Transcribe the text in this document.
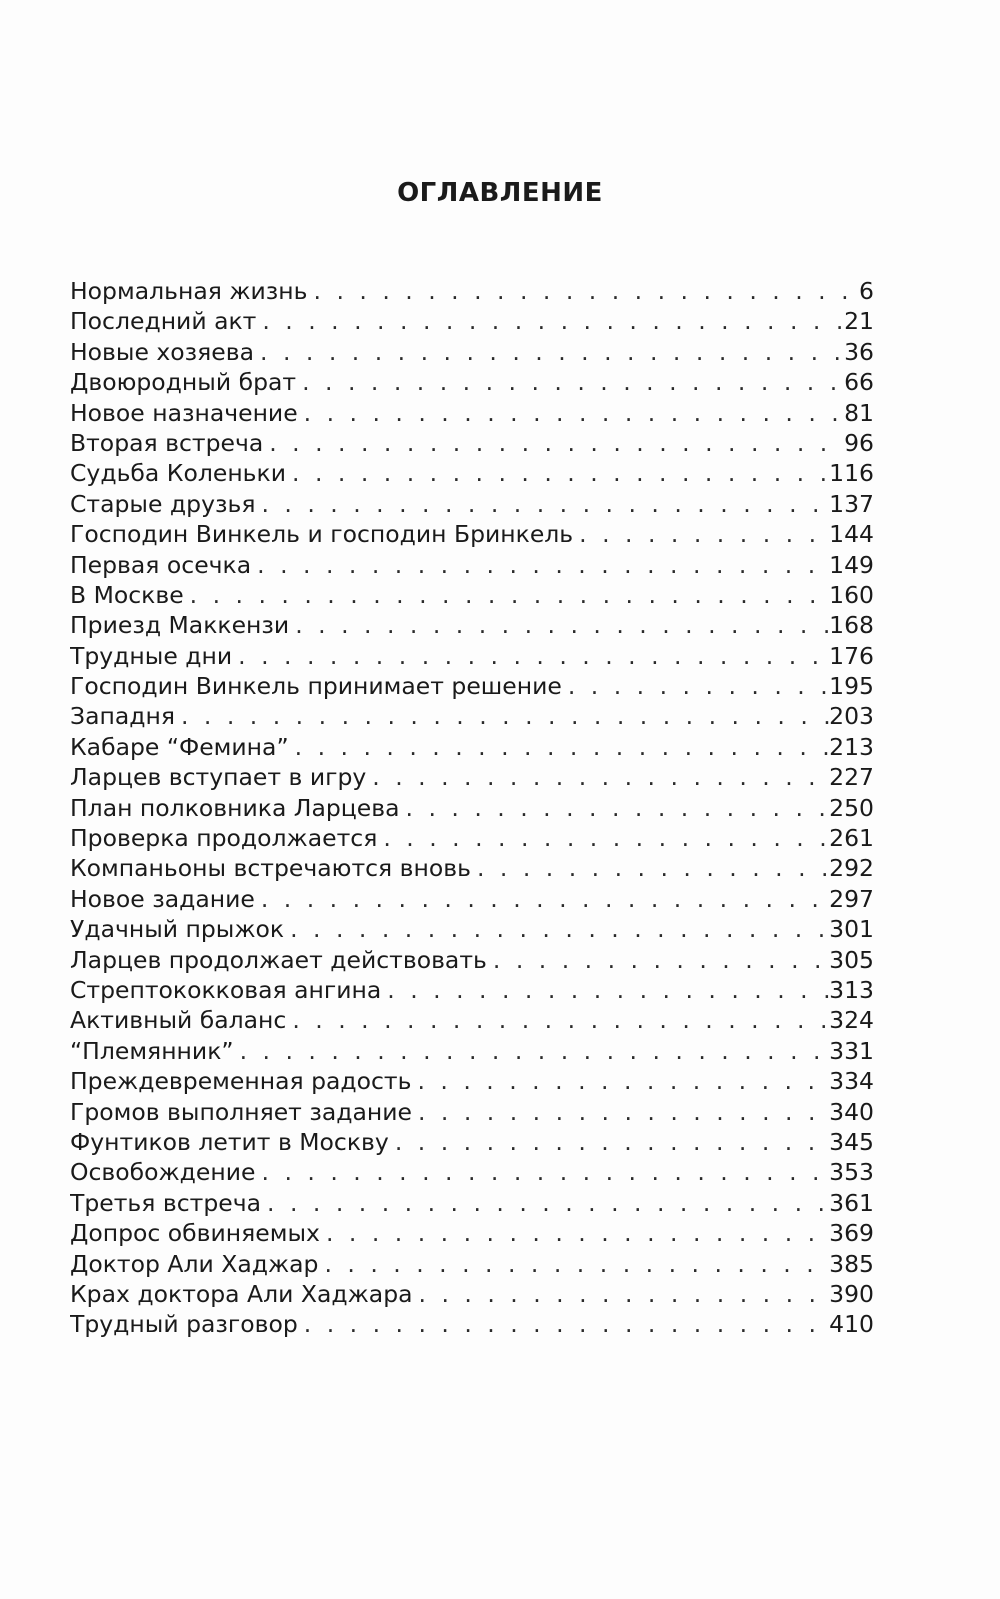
ОГЛАВЛЕНИЕ
Нормальная жизнь . . .	6
Последний акт . . .	21
Новые хозяева . . .	36
Двоюродный брат . . .	66
Новое назначение . . .	81
Вторая встреча . . .	96
Судьба Коленьки . . .	116
Старые друзья . . .	137
Господин Винкель и господин Бринкель . . .	144
Первая осечка . . .	149
В Москве . . .	160
Приезд Маккензи . . .	168
Трудные дни . . .	176
Господин Винкель принимает решение . . .	195
Западня . . .	203
Кабаре “Фемина” . . .	213
Ларцев вступает в игру . . .	227
План полковника Ларцева . . .	250
Проверка продолжается . . .	261
Компаньоны встречаются вновь . . .	292
Новое задание . . .	297
Удачный прыжок . . .	301
Ларцев продолжает действовать . . .	305
Стрептококковая ангина . . .	313
Активный баланс . . .	324
“Племянник” . . .	331
Преждевременная радость . . .	334
Громов выполняет задание . . .	340
Фунтиков летит в Москву . . .	345
Освобождение . . .	353
Третья встреча . . .	361
Допрос обвиняемых . . .	369
Доктор Али Хаджар . . .	385
Крах доктора Али Хаджара . . .	390
Трудный разговор . . .	410
